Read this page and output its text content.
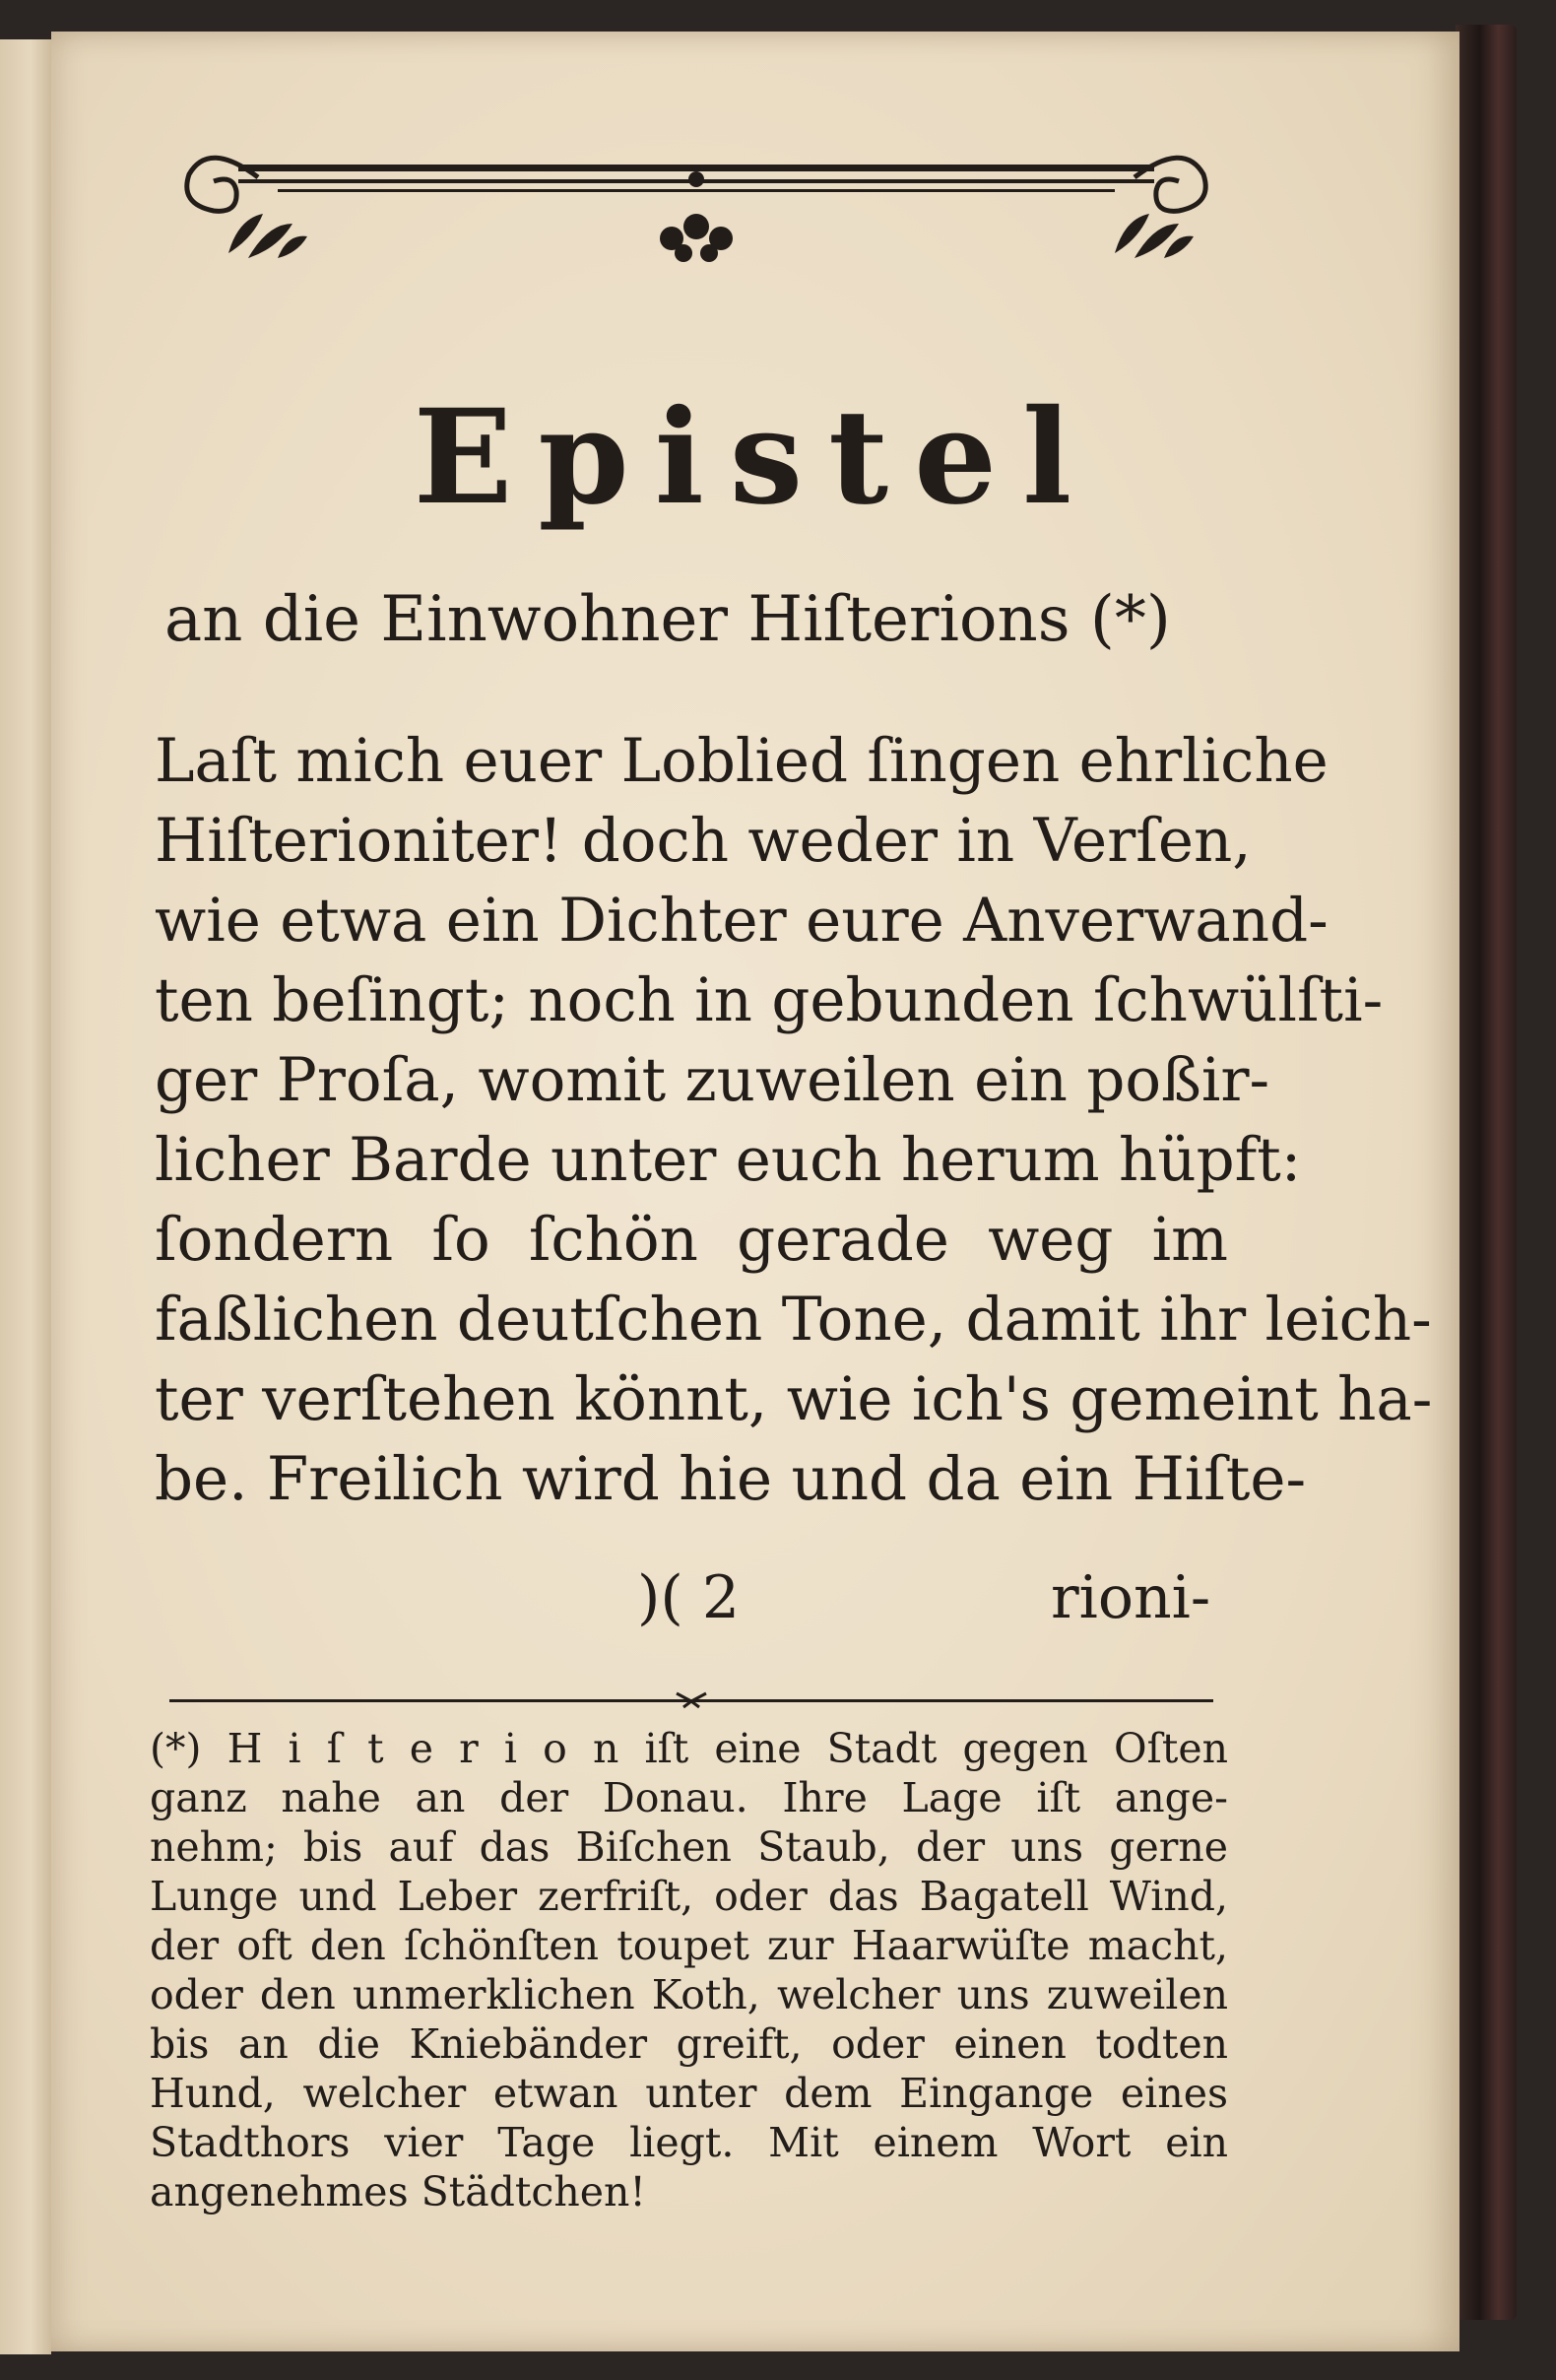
Epistel
an die Einwohner Hiſterions (*)
Laſt mich euer Loblied ſingen ehrliche
Hiſterioniter! doch weder in Verſen,
wie etwa ein Dichter eure Anverwand-
ten beſingt; noch in gebunden ſchwülſti-
ger Proſa, womit zuweilen ein poßir-
licher Barde unter euch herum hüpft:
ſondern ſo ſchön gerade weg im
faßlichen deutſchen Tone, damit ihr leich-
ter verſtehen könnt, wie ich's gemeint ha-
be. Freilich wird hie und da ein Hiſte-
)( 2	rioni-
(*) H i ſ t e r i o n iſt eine Stadt gegen Oſten
ganz nahe an der Donau. Ihre Lage iſt ange-
nehm; bis auf das Biſchen Staub, der uns gerne
Lunge und Leber zerfriſt, oder das Bagatell Wind,
der oft den ſchönſten toupet zur Haarwüſte macht,
oder den unmerklichen Koth, welcher uns zuweilen
bis an die Kniebänder greift, oder einen todten
Hund, welcher etwan unter dem Eingange eines
Stadthors vier Tage liegt. Mit einem Wort ein
angenehmes Städtchen!
